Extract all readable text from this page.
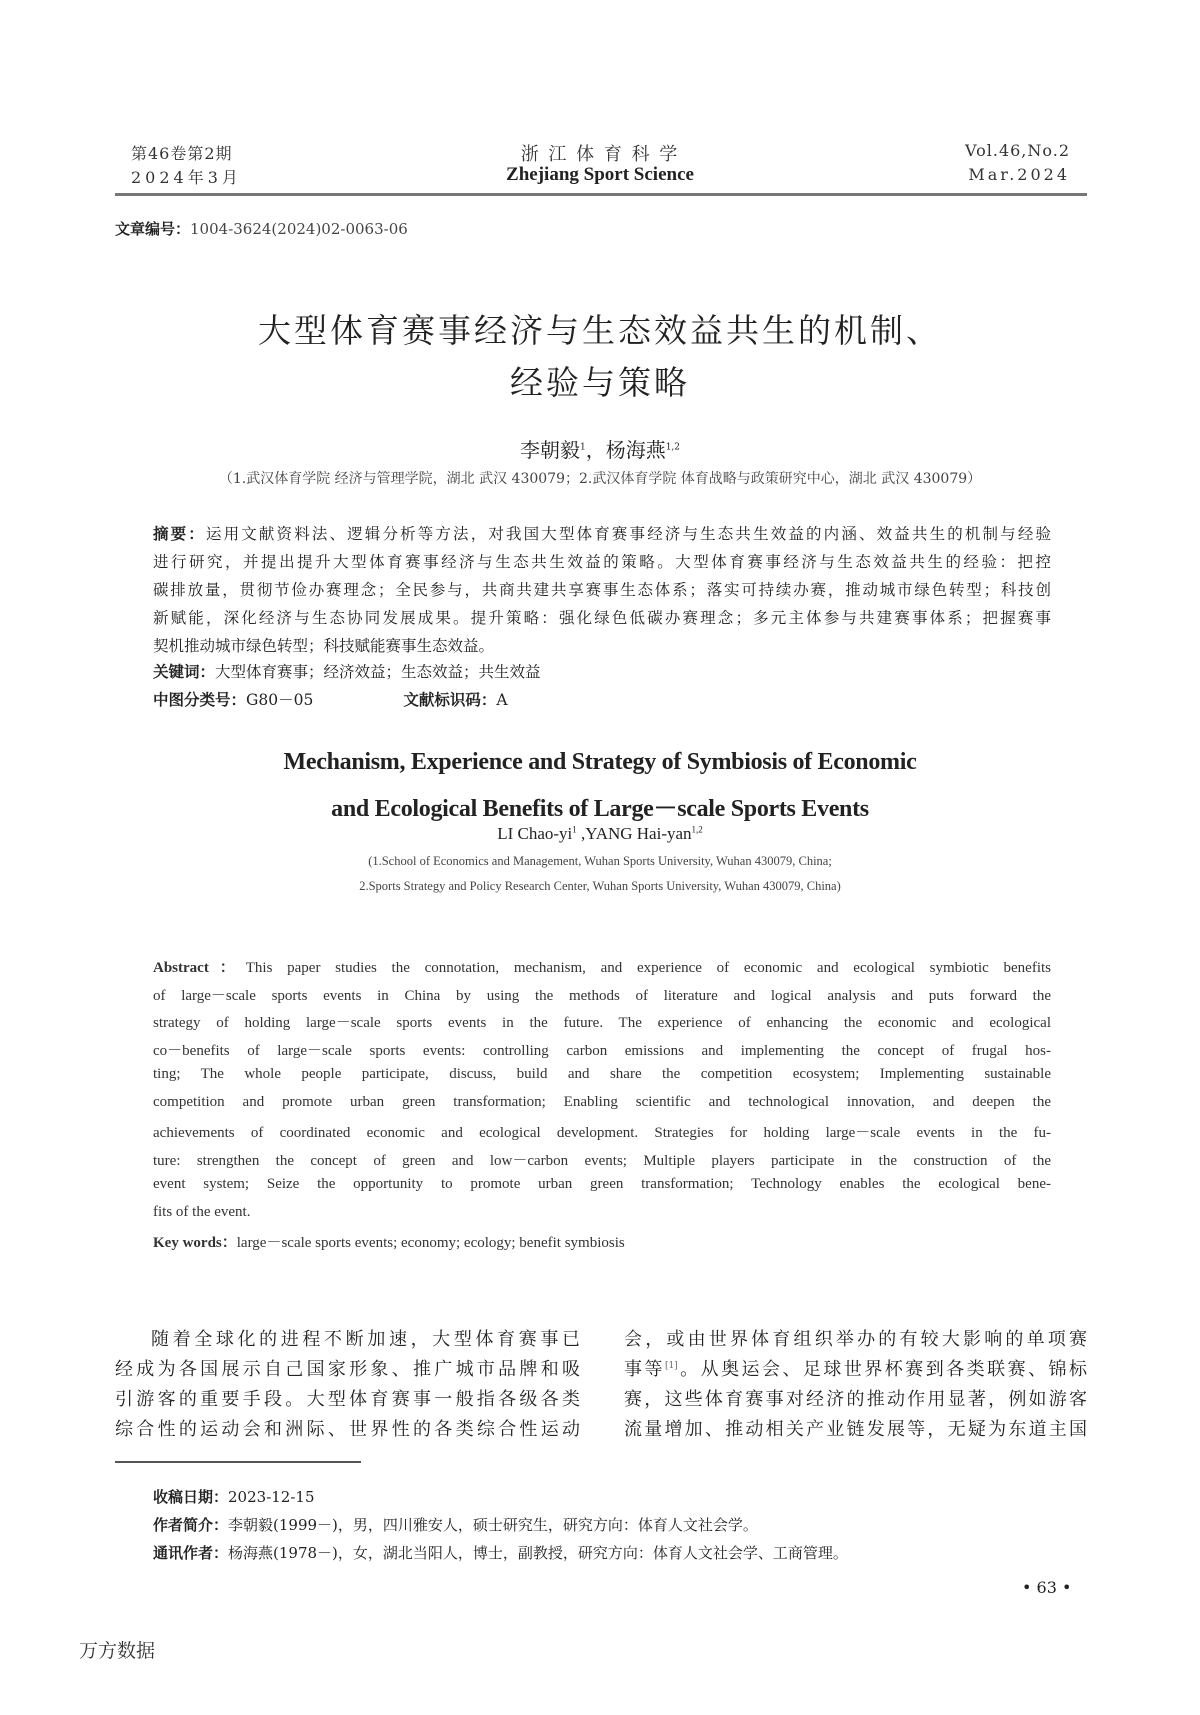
第46卷第2期
2024年3月
浙 江 体 育 科 学
Zhejiang Sport Science
Vol.46,No.2
Mar.2024
文章编号：1004-3624(2024)02-0063-06
大型体育赛事经济与生态效益共生的机制、
经验与策略
李朝毅$^1$，杨海燕$^{1,2}$
（1.武汉体育学院 经济与管理学院，湖北 武汉 430079；2.武汉体育学院 体育战略与政策研究中心，湖北 武汉 430079）
摘要：运用文献资料法、逻辑分析等方法，对我国大型体育赛事经济与生态共生效益的内涵、效益共生的机制与经验
进行研究，并提出提升大型体育赛事经济与生态共生效益的策略。大型体育赛事经济与生态效益共生的经验：把控
碳排放量，贯彻节俭办赛理念；全民参与，共商共建共享赛事生态体系；落实可持续办赛，推动城市绿色转型；科技创
新赋能，深化经济与生态协同发展成果。提升策略：强化绿色低碳办赛理念；多元主体参与共建赛事体系；把握赛事
契机推动城市绿色转型；科技赋能赛事生态效益。
关键词：大型体育赛事；经济效益；生态效益；共生效益
中图分类号：G80－05	文献标识码：A
Mechanism, Experience and Strategy of Symbiosis of Economic
and Ecological Benefits of Large－scale Sports Events
LI Chao-$yi^1$ ,YANG Hai-yan$^{1,2}$
(1.School of Economics and Management, Wuhan Sports University, Wuhan 430079, China;
2.Sports Strategy and Policy Research Center, Wuhan Sports University, Wuhan 430079, China)
Abstract：This paper studies the connotation, mechanism, and experience of economic and ecological symbiotic benefits
of large－scale sports events in China by using the methods of literature and logical analysis and puts forward the
strategy of holding large－scale sports events in the future. The experience of enhancing the economic and ecological
co－benefits of large－scale sports events: controlling carbon emissions and implementing the concept of frugal hos-
ting; The whole people participate, discuss, build and share the competition ecosystem; Implementing sustainable
competition and promote urban green transformation; Enabling scientific and technological innovation, and deepen the
achievements of coordinated economic and ecological development. Strategies for holding large－scale events in the fu-
ture: strengthen the concept of green and low－carbon events; Multiple players participate in the construction of the
event system; Seize the opportunity to promote urban green transformation; Technology enables the ecological bene-
fits of the event.
Key words：large－scale sports events; economy; ecology; benefit symbiosis
随着全球化的进程不断加速，大型体育赛事已
经成为各国展示自己国家形象、推广城市品牌和吸
引游客的重要手段。大型体育赛事一般指各级各类
综合性的运动会和洲际、世界性的各类综合性运动
会，或由世界体育组织举办的有较大影响的单项赛
事等[1]。从奥运会、足球世界杯赛到各类联赛、锦标
赛，这些体育赛事对经济的推动作用显著，例如游客
流量增加、推动相关产业链发展等，无疑为东道主国
收稿日期：2023-12-15
作者简介：李朝毅(1999－)，男，四川雅安人，硕士研究生，研究方向：体育人文社会学。
通讯作者：杨海燕(1978－)，女，湖北当阳人，博士，副教授，研究方向：体育人文社会学、工商管理。
• 63 •
万方数据
